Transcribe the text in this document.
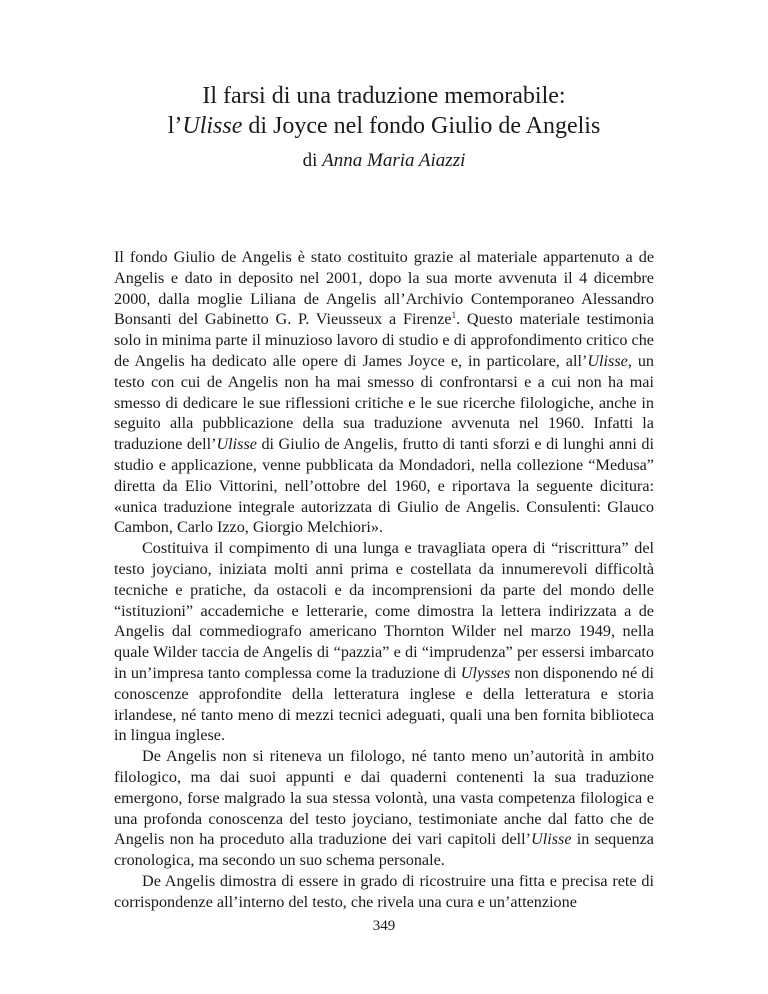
Il farsi di una traduzione memorabile:
l’Ulisse di Joyce nel fondo Giulio de Angelis
di Anna Maria Aiazzi

Il fondo Giulio de Angelis è stato costituito grazie al materiale appartenuto a de Angelis e dato in deposito nel 2001, dopo la sua morte avvenuta il 4 dicembre 2000, dalla moglie Liliana de Angelis all’Archivio Contemporaneo Alessandro Bonsanti del Gabinetto G. P. Vieusseux a Firenze$^1$. Questo materiale testimonia solo in minima parte il minuzioso lavoro di studio e di approfondimento critico che de Angelis ha dedicato alle opere di James Joyce e, in particolare, all’Ulisse, un testo con cui de Angelis non ha mai smesso di confrontarsi e a cui non ha mai smesso di dedicare le sue riflessioni critiche e le sue ricerche filologiche, anche in seguito alla pubblicazione della sua traduzione avvenuta nel 1960. Infatti la traduzione dell’Ulisse di Giulio de Angelis, frutto di tanti sforzi e di lunghi anni di studio e applicazione, venne pubblicata da Mondadori, nella collezione “Medusa” diretta da Elio Vittorini, nell’ottobre del 1960, e riportava la seguente dicitura: «unica traduzione integrale autorizzata di Giulio de Angelis. Consulenti: Glauco Cambon, Carlo Izzo, Giorgio Melchiori».

Costituiva il compimento di una lunga e travagliata opera di “riscrittura” del testo joyciano, iniziata molti anni prima e costellata da innumerevoli difficoltà tecniche e pratiche, da ostacoli e da incomprensioni da parte del mondo delle “istituzioni” accademiche e letterarie, come dimostra la lettera indirizzata a de Angelis dal commediografo americano Thornton Wilder nel marzo 1949, nella quale Wilder taccia de Angelis di “pazzia” e di “imprudenza” per essersi imbarcato in un’impresa tanto complessa come la traduzione di Ulysses non disponendo né di conoscenze approfondite della letteratura inglese e della letteratura e storia irlandese, né tanto meno di mezzi tecnici adeguati, quali una ben fornita biblioteca in lingua inglese.

De Angelis non si riteneva un filologo, né tanto meno un’autorità in ambito filologico, ma dai suoi appunti e dai quaderni contenenti la sua traduzione emergono, forse malgrado la sua stessa volontà, una vasta competenza filologica e una profonda conoscenza del testo joyciano, testimoniate anche dal fatto che de Angelis non ha proceduto alla traduzione dei vari capitoli dell’Ulisse in sequenza cronologica, ma secondo un suo schema personale.

De Angelis dimostra di essere in grado di ricostruire una fitta e precisa rete di corrispondenze all’interno del testo, che rivela una cura e un’attenzione

349
